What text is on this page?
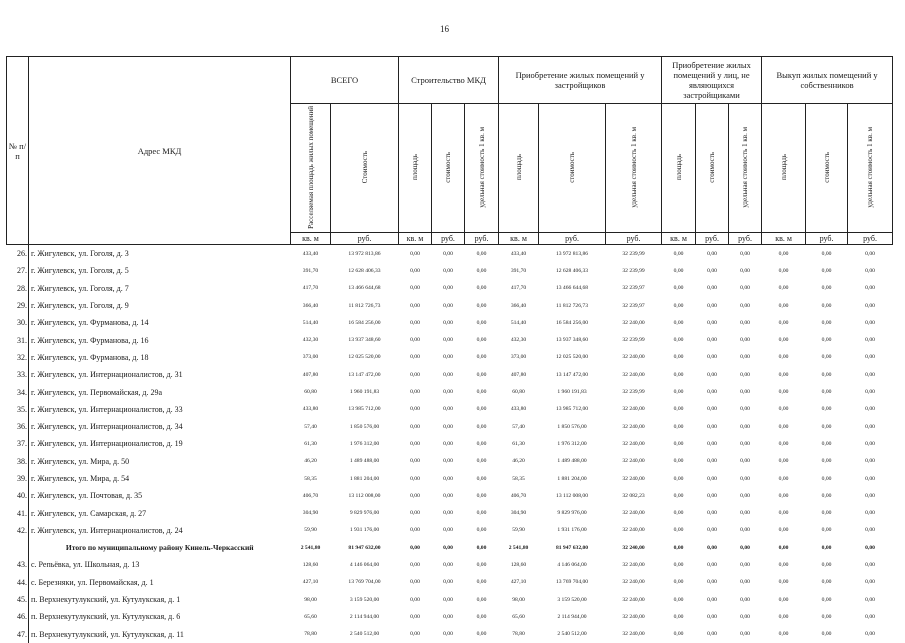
16
№ п/п	Адрес МКД	ВСЕГО		Строительство МКД			Приобретение жилых помещений у застройщиков			Приобретение жилых помещений у лиц, не являющихся застройщиками			Выкуп жилых помещений у собственников		
		Расселяемая площадь жилых помещений	Стоимость	площадь	стоимость	удельная стоимость 1 кв. м	площадь	стоимость	удельная стоимость 1 кв. м	площадь	стоимость	удельная стоимость 1 кв. м	площадь	стоимость	удельная стоимость 1 кв. м
		кв. м	руб.	кв. м	руб.	руб.	кв. м	руб.	руб.	кв. м	руб.	руб.	кв. м	руб.	руб.
26.	г. Жигулевск, ул. Гоголя, д. 3	433,40	13 972 813,86	0,00	0,00	0,00	433,40	13 972 813,86	32 239,99	0,00	0,00	0,00	0,00	0,00	0,00
27.	г. Жигулевск, ул. Гоголя, д. 5	391,70	12 628 406,33	0,00	0,00	0,00	391,70	12 628 406,33	32 239,99	0,00	0,00	0,00	0,00	0,00	0,00
28.	г. Жигулевск, ул. Гоголя, д. 7	417,70	13 466 644,68	0,00	0,00	0,00	417,70	13 466 644,68	32 239,97	0,00	0,00	0,00	0,00	0,00	0,00
29.	г. Жигулевск, ул. Гоголя, д. 9	366,40	11 812 726,73	0,00	0,00	0,00	366,40	11 812 726,73	32 239,97	0,00	0,00	0,00	0,00	0,00	0,00
30.	г. Жигулевск, ул. Фурманова, д. 14	514,40	16 584 256,00	0,00	0,00	0,00	514,40	16 584 256,00	32 240,00	0,00	0,00	0,00	0,00	0,00	0,00
31.	г. Жигулевск, ул. Фурманова, д. 16	432,30	13 937 348,60	0,00	0,00	0,00	432,30	13 937 348,60	32 239,99	0,00	0,00	0,00	0,00	0,00	0,00
32.	г. Жигулевск, ул. Фурманова, д. 18	373,00	12 025 520,00	0,00	0,00	0,00	373,00	12 025 520,00	32 240,00	0,00	0,00	0,00	0,00	0,00	0,00
33.	г. Жигулевск, ул. Интернационалистов, д. 31	407,80	13 147 472,00	0,00	0,00	0,00	407,80	13 147 472,00	32 240,00	0,00	0,00	0,00	0,00	0,00	0,00
34.	г. Жигулевск, ул. Первомайская, д. 29а	60,80	1 960 191,83	0,00	0,00	0,00	60,80	1 960 191,83	32 239,99	0,00	0,00	0,00	0,00	0,00	0,00
35.	г. Жигулевск, ул. Интернационалистов, д. 33	433,80	13 985 712,00	0,00	0,00	0,00	433,80	13 985 712,00	32 240,00	0,00	0,00	0,00	0,00	0,00	0,00
36.	г. Жигулевск, ул. Интернационалистов, д. 34	57,40	1 850 576,00	0,00	0,00	0,00	57,40	1 850 576,00	32 240,00	0,00	0,00	0,00	0,00	0,00	0,00
37.	г. Жигулевск, ул. Интернационалистов, д. 19	61,30	1 976 312,00	0,00	0,00	0,00	61,30	1 976 312,00	32 240,00	0,00	0,00	0,00	0,00	0,00	0,00
38.	г. Жигулевск, ул. Мира, д. 50	46,20	1 489 488,00	0,00	0,00	0,00	46,20	1 489 488,00	32 240,00	0,00	0,00	0,00	0,00	0,00	0,00
39.	г. Жигулевск, ул. Мира, д. 54	58,35	1 881 204,00	0,00	0,00	0,00	58,35	1 881 204,00	32 240,00	0,00	0,00	0,00	0,00	0,00	0,00
40.	г. Жигулевск, ул. Почтовая, д. 35	406,70	13 112 008,00	0,00	0,00	0,00	406,70	13 112 008,00	32 082,23	0,00	0,00	0,00	0,00	0,00	0,00
41.	г. Жигулевск, ул. Самарская, д. 27	304,90	9 829 976,00	0,00	0,00	0,00	304,90	9 829 976,00	32 240,00	0,00	0,00	0,00	0,00	0,00	0,00
42.	г. Жигулевск, ул. Интернационалистов, д. 24	59,90	1 931 176,00	0,00	0,00	0,00	59,90	1 931 176,00	32 240,00	0,00	0,00	0,00	0,00	0,00	0,00
	Итого по муниципальному району Кинель-Черкасский	2 541,80	81 947 632,00	0,00	0,00	0,00	2 541,80	81 947 632,00	32 240,00	0,00	0,00	0,00	0,00	0,00	0,00
43.	с. Репьёвка, ул. Школьная, д. 13	128,60	4 146 064,00	0,00	0,00	0,00	128,60	4 146 064,00	32 240,00	0,00	0,00	0,00	0,00	0,00	0,00
44.	с. Березняки, ул. Первомайская, д. 1	427,10	13 769 704,00	0,00	0,00	0,00	427,10	13 769 704,00	32 240,00	0,00	0,00	0,00	0,00	0,00	0,00
45.	п. Верхнекутулукский, ул. Кутулукская, д. 1	98,00	3 159 520,00	0,00	0,00	0,00	98,00	3 159 520,00	32 240,00	0,00	0,00	0,00	0,00	0,00	0,00
46.	п. Верхнекутулукский, ул. Кутулукская, д. 6	65,60	2 114 944,00	0,00	0,00	0,00	65,60	2 114 944,00	32 240,00	0,00	0,00	0,00	0,00	0,00	0,00
47.	п. Верхнекутулукский, ул. Кутулукская, д. 11	78,80	2 540 512,00	0,00	0,00	0,00	78,80	2 540 512,00	32 240,00	0,00	0,00	0,00	0,00	0,00	0,00
